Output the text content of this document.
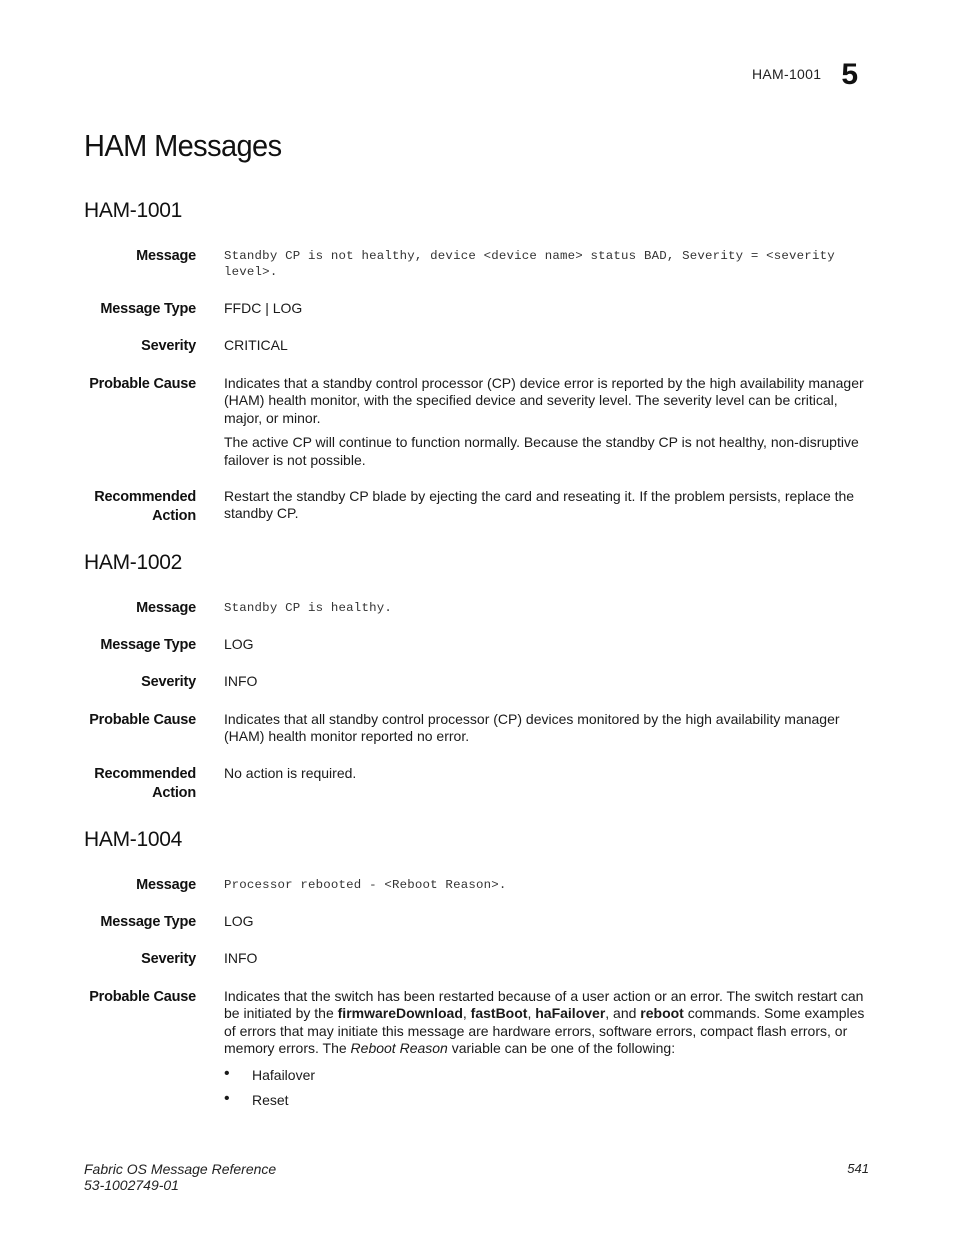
HAM-1001 5
HAM Messages
HAM-1001
Message Standby CP is not healthy, device <device name> status BAD, Severity = <severity level>.
Message Type FFDC | LOG
Severity CRITICAL
Probable Cause Indicates that a standby control processor (CP) device error is reported by the high availability manager (HAM) health monitor, with the specified device and severity level. The severity level can be critical, major, or minor.

The active CP will continue to function normally. Because the standby CP is not healthy, non-disruptive failover is not possible.

Recommended
Action
Restart the standby CP blade by ejecting the card and reseating it. If the problem persists, replace the standby CP.
HAM-1002
Message Standby CP is healthy.
Message Type LOG
Severity INFO
Probable Cause Indicates that all standby control processor (CP) devices monitored by the high availability manager (HAM) health monitor reported no error.

Recommended
Action
No action is required.
HAM-1004
Message Processor rebooted - <Reboot Reason>.
Message Type LOG
Severity INFO
Probable Cause Indicates that the switch has been restarted because of a user action or an error. The switch restart can be initiated by the firmwareDownload, fastBoot, haFailover, and reboot commands. Some examples of errors that may initiate this message are hardware errors, software errors, compact flash errors, or memory errors. The Reboot Reason variable can be one of the following:

• Hafailover
• Reset
Fabric OS Message Reference
53-1002749-01
541
